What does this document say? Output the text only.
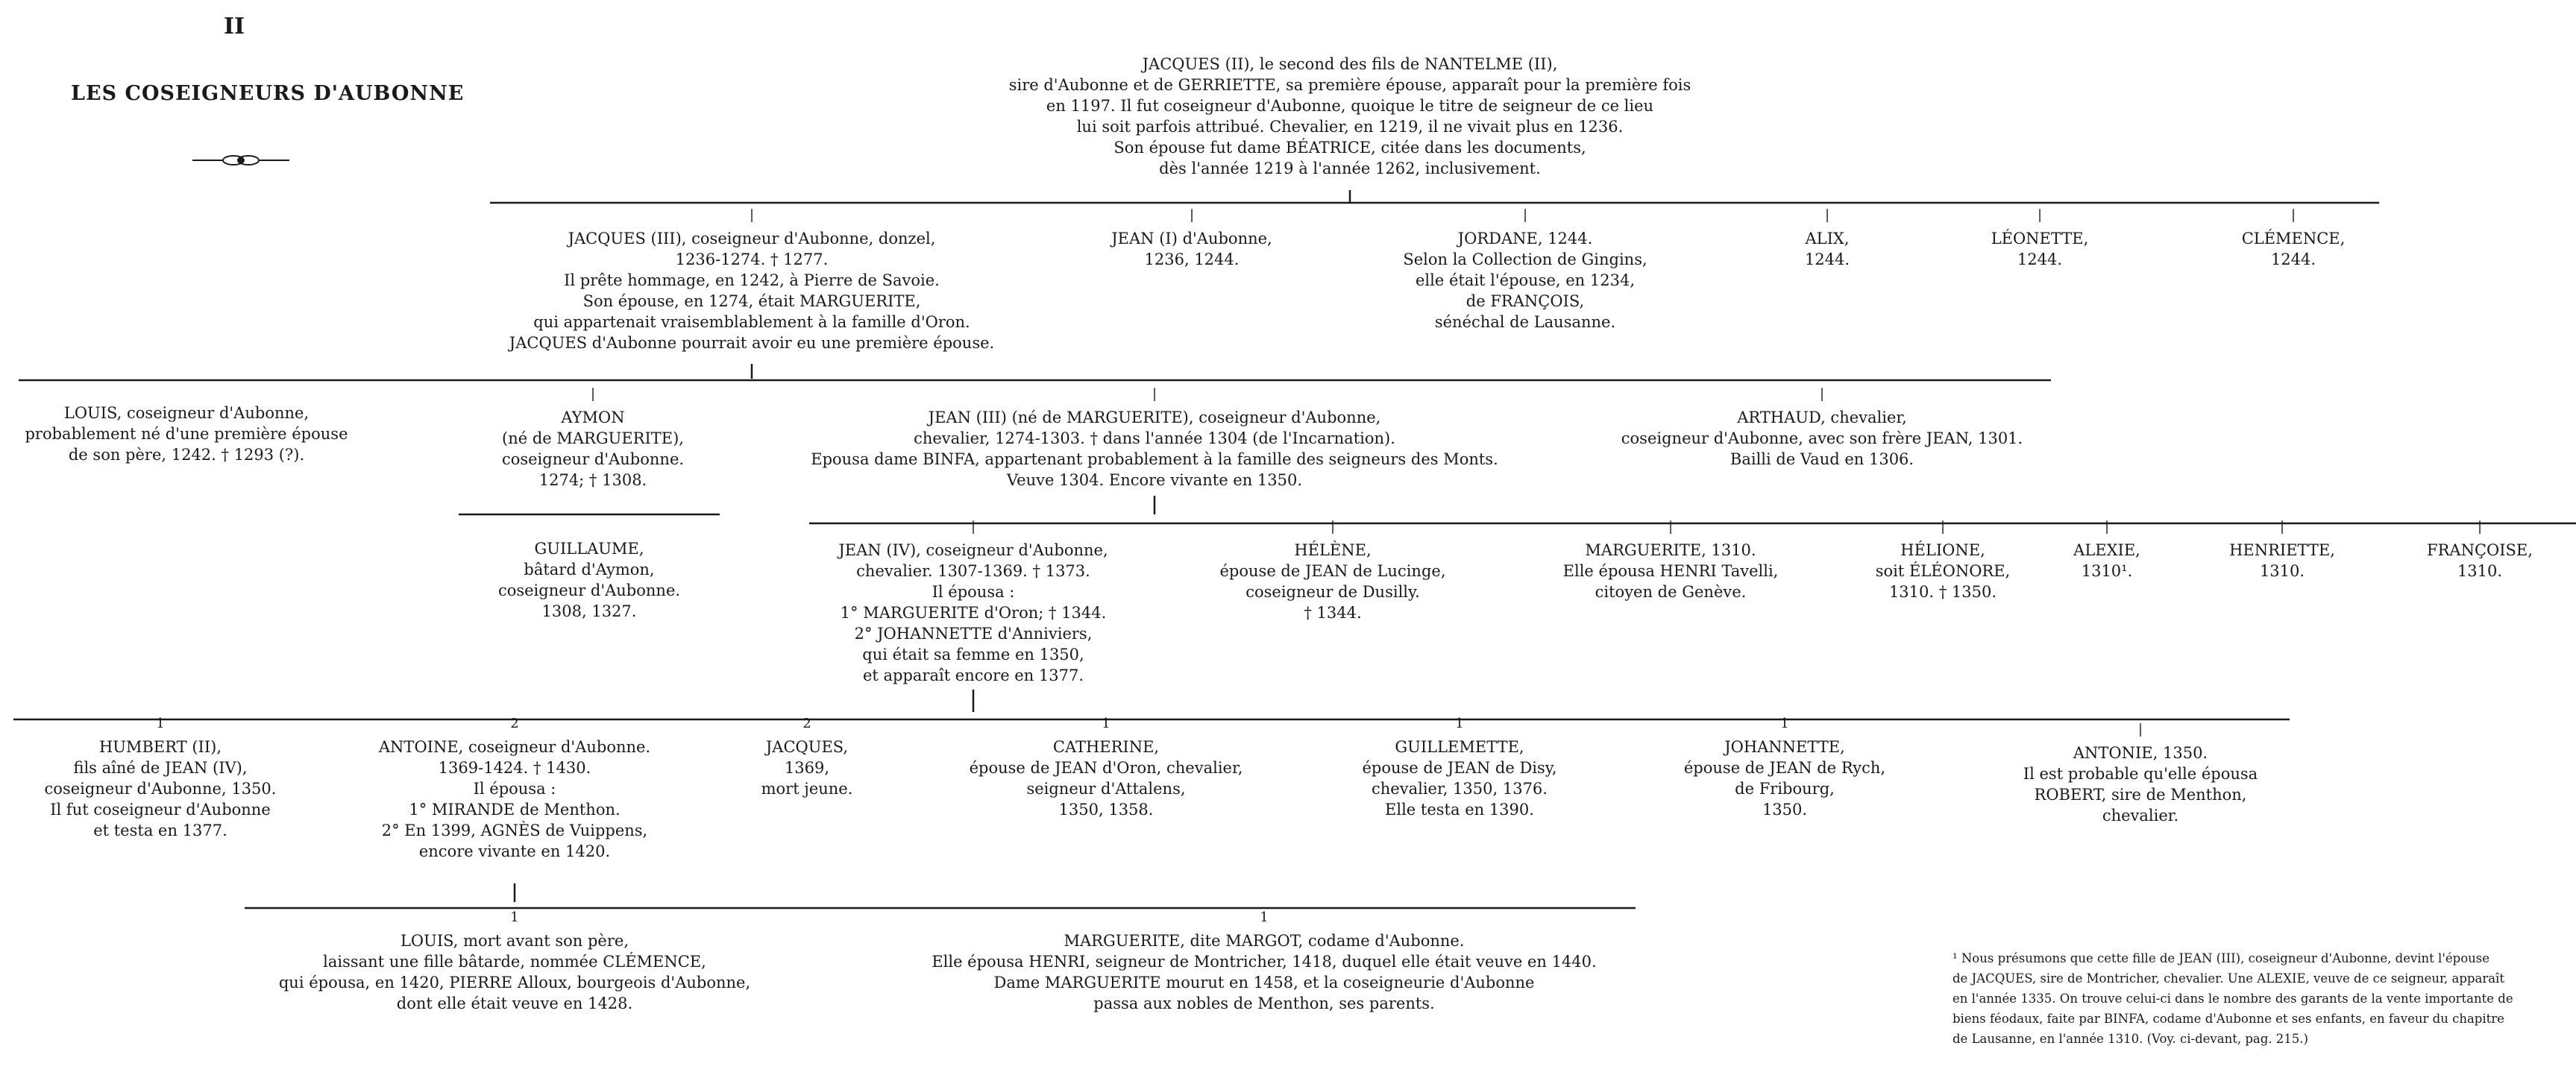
II
LES COSEIGNEURS D'AUBONNE
JACQUES (II), le second des fils de NANTELME (II),
sire d'Aubonne et de GERRIETTE, sa première épouse, apparaît pour la première fois
en 1197. Il fut coseigneur d'Aubonne, quoique le titre de seigneur de ce lieu
lui soit parfois attribué. Chevalier, en 1219, il ne vivait plus en 1236.
Son épouse fut dame BÉATRICE, citée dans les documents,
dès l'année 1219 à l'année 1262, inclusivement.
|
JACQUES (III), coseigneur d'Aubonne, donzel,
1236-1274. † 1277.
Il prête hommage, en 1242, à Pierre de Savoie.
Son épouse, en 1274, était MARGUERITE,
qui appartenait vraisemblablement à la famille d'Oron.
JACQUES d'Aubonne pourrait avoir eu une première épouse.
|
JEAN (I) d'Aubonne,
1236, 1244.
|
JORDANE, 1244.
Selon la Collection de Gingins,
elle était l'épouse, en 1234,
de FRANÇOIS,
sénéchal de Lausanne.
|
ALIX,
1244.
|
LÉONETTE,
1244.
|
CLÉMENCE,
1244.
LOUIS, coseigneur d'Aubonne,
probablement né d'une première épouse
de son père, 1242. † 1293 (?).
|
AYMON
(né de MARGUERITE),
coseigneur d'Aubonne.
1274; † 1308.
|
JEAN (III) (né de MARGUERITE), coseigneur d'Aubonne,
chevalier, 1274-1303. † dans l'année 1304 (de l'Incarnation).
Epousa dame BINFA, appartenant probablement à la famille des seigneurs des Monts.
Veuve 1304. Encore vivante en 1350.
|
ARTHAUD, chevalier,
coseigneur d'Aubonne, avec son frère JEAN, 1301.
Bailli de Vaud en 1306.
GUILLAUME,
bâtard d'Aymon,
coseigneur d'Aubonne.
1308, 1327.
|
JEAN (IV), coseigneur d'Aubonne,
chevalier. 1307-1369. † 1373.
Il épousa :
1° MARGUERITE d'Oron; † 1344.
2° JOHANNETTE d'Anniviers,
qui était sa femme en 1350,
et apparaît encore en 1377.
|
HÉLÈNE,
épouse de JEAN de Lucinge,
coseigneur de Dusilly.
† 1344.
|
MARGUERITE, 1310.
Elle épousa HENRI Tavelli,
citoyen de Genève.
|
HÉLIONE,
soit ÉLÉONORE,
1310. † 1350.
|
ALEXIE,
1310¹.
|
HENRIETTE,
1310.
|
FRANÇOISE,
1310.
1
HUMBERT (II),
fils aîné de JEAN (IV),
coseigneur d'Aubonne, 1350.
Il fut coseigneur d'Aubonne
et testa en 1377.
2
ANTOINE, coseigneur d'Aubonne.
1369-1424. † 1430.
Il épousa :
1° MIRANDE de Menthon.
2° En 1399, AGNÈS de Vuippens,
encore vivante en 1420.
2
JACQUES,
1369,
mort jeune.
1
CATHERINE,
épouse de JEAN d'Oron, chevalier,
seigneur d'Attalens,
1350, 1358.
1
GUILLEMETTE,
épouse de JEAN de Disy,
chevalier, 1350, 1376.
Elle testa en 1390.
1
JOHANNETTE,
épouse de JEAN de Rych,
de Fribourg,
1350.
|
ANTONIE, 1350.
Il est probable qu'elle épousa
ROBERT, sire de Menthon,
chevalier.
1
LOUIS, mort avant son père,
laissant une fille bâtarde, nommée CLÉMENCE,
qui épousa, en 1420, PIERRE Alloux, bourgeois d'Aubonne,
dont elle était veuve en 1428.
1
MARGUERITE, dite MARGOT, codame d'Aubonne.
Elle épousa HENRI, seigneur de Montricher, 1418, duquel elle était veuve en 1440.
Dame MARGUERITE mourut en 1458, et la coseigneurie d'Aubonne
passa aux nobles de Menthon, ses parents.
¹ Nous présumons que cette fille de JEAN (III), coseigneur d'Aubonne, devint l'épouse
de JACQUES, sire de Montricher, chevalier. Une ALEXIE, veuve de ce seigneur, apparaît
en l'année 1335. On trouve celui-ci dans le nombre des garants de la vente importante de
biens féodaux, faite par BINFA, codame d'Aubonne et ses enfants, en faveur du chapitre
de Lausanne, en l'année 1310. (Voy. ci-devant, pag. 215.)
